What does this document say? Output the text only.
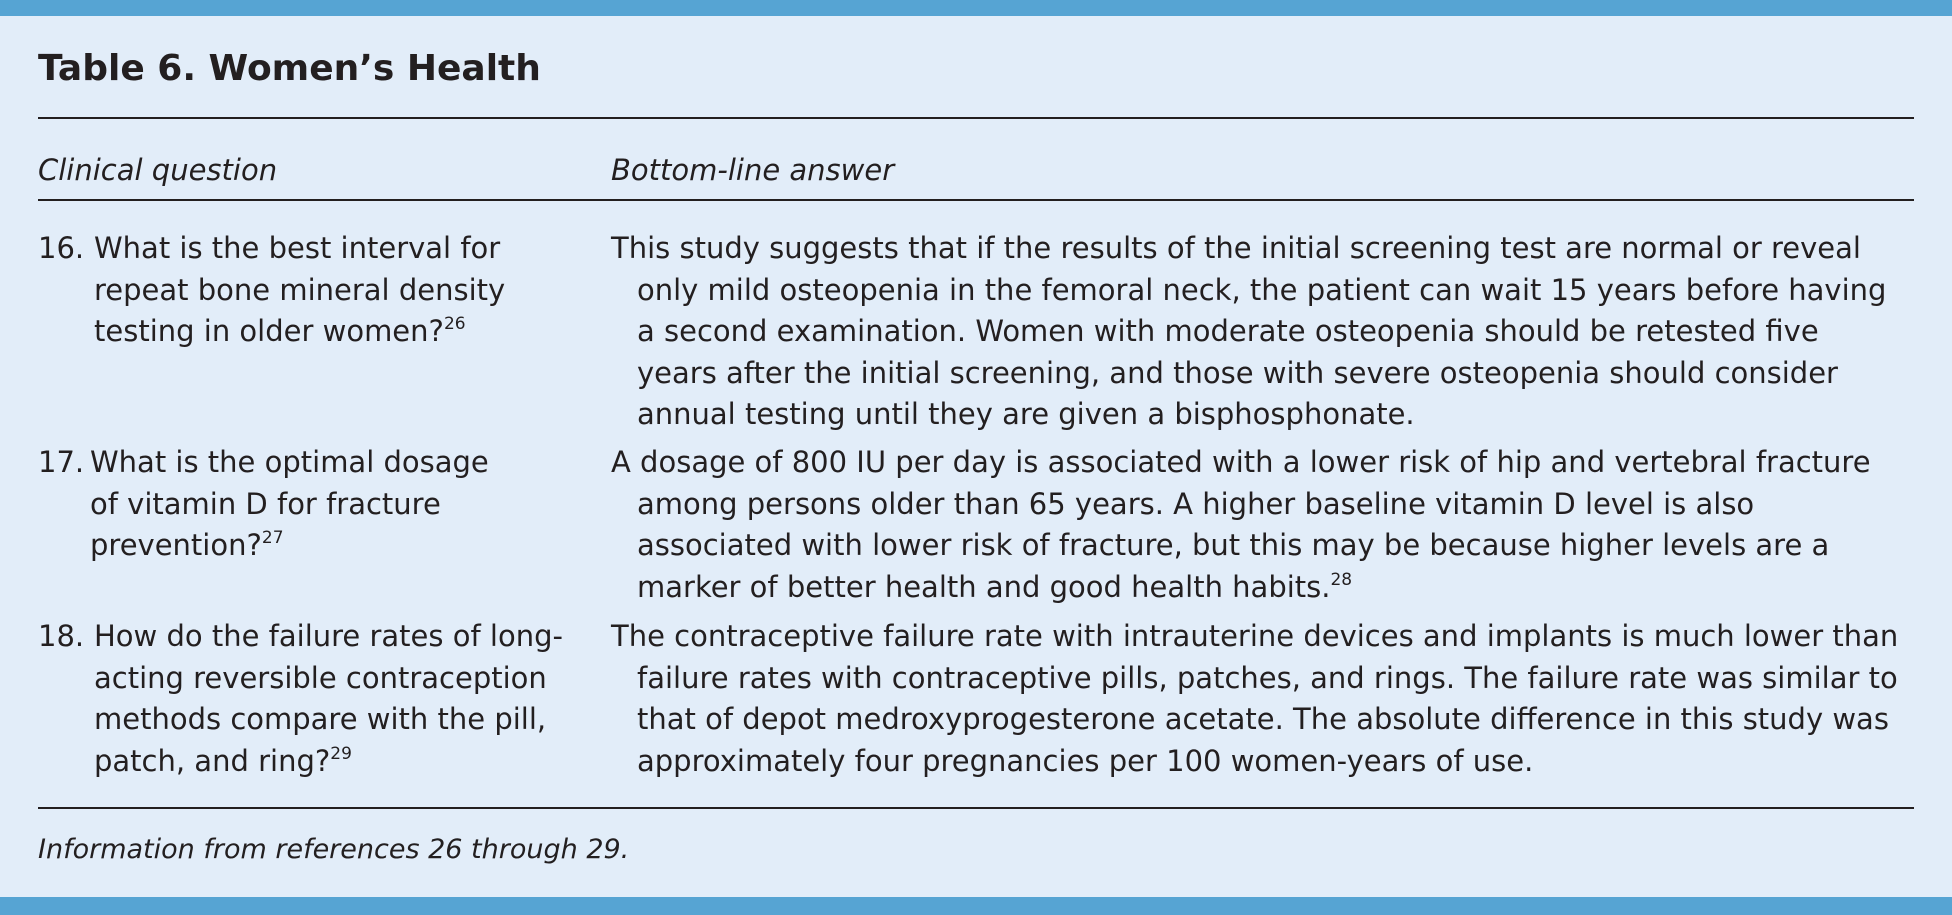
Table 6. Women’s Health
Clinical question	Bottom-line answer
16. What is the best interval for repeat bone mineral density testing in older women?$^{26}$
This study suggests that if the results of the initial screening test are normal or reveal only mild osteopenia in the femoral neck, the patient can wait 15 years before having a second examination. Women with moderate osteopenia should be retested five years after the initial screening, and those with severe osteopenia should consider annual testing until they are given a bisphosphonate.
17. What is the optimal dosage of vitamin D for fracture prevention?$^{27}$
A dosage of 800 IU per day is associated with a lower risk of hip and vertebral fracture among persons older than 65 years. A higher baseline vitamin D level is also associated with lower risk of fracture, but this may be because higher levels are a marker of better health and good health habits.$^{28}$
18. How do the failure rates of long-acting reversible contraception methods compare with the pill, patch, and ring?$^{29}$
The contraceptive failure rate with intrauterine devices and implants is much lower than failure rates with contraceptive pills, patches, and rings. The failure rate was similar to that of depot medroxyprogesterone acetate. The absolute difference in this study was approximately four pregnancies per 100 women-years of use.
Information from references 26 through 29.
